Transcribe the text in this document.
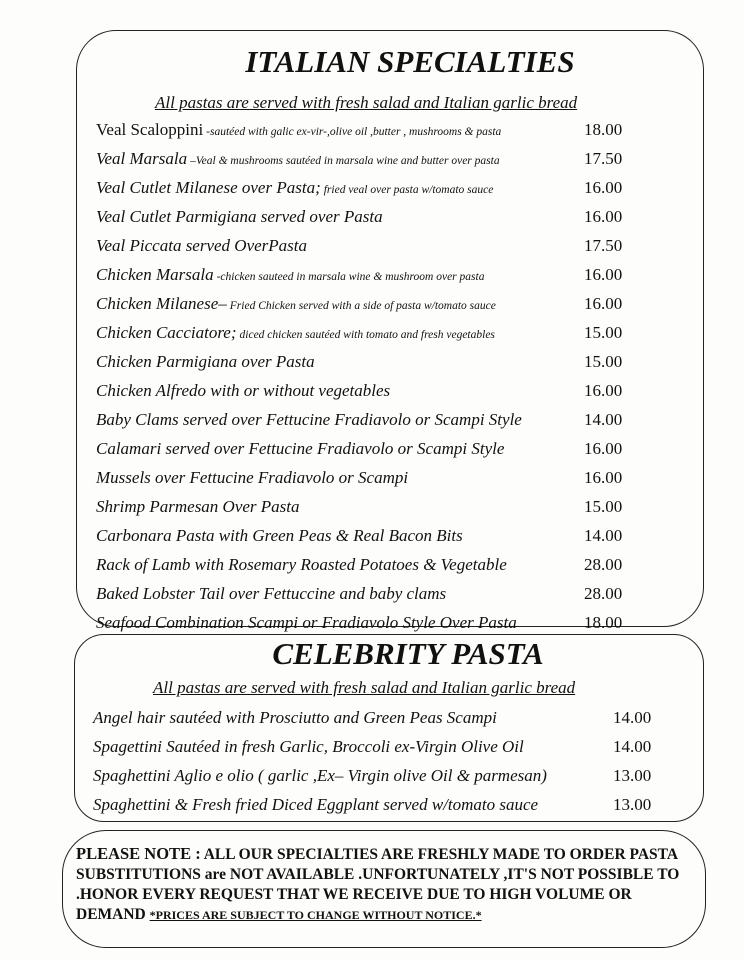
ITALIAN SPECIALTIES
All pastas are served with fresh salad and Italian garlic bread
Veal Scaloppini -sautéed with galic ex-vir-,olive oil ,butter , mushrooms & pasta	18.00
Veal Marsala –Veal & mushrooms sautéed in marsala wine and butter over pasta	17.50
Veal Cutlet Milanese over Pasta; fried veal over pasta w/tomato sauce	16.00
Veal Cutlet Parmigiana served over Pasta	16.00
Veal Piccata served OverPasta	17.50
Chicken Marsala -chicken sauteed in marsala wine & mushroom over pasta	16.00
Chicken Milanese– Fried Chicken served with a side of pasta w/tomato sauce	16.00
Chicken Cacciatore; diced chicken sautéed with tomato and fresh vegetables	15.00
Chicken Parmigiana over Pasta	15.00
Chicken Alfredo with or without vegetables	16.00
Baby Clams served over Fettucine Fradiavolo or Scampi Style	14.00
Calamari served over Fettucine Fradiavolo or Scampi Style	16.00
Mussels over Fettucine Fradiavolo or Scampi	16.00
Shrimp Parmesan Over Pasta	15.00
Carbonara Pasta with Green Peas & Real Bacon Bits	14.00
Rack of Lamb with Rosemary Roasted Potatoes & Vegetable	28.00
Baked Lobster Tail over Fettuccine and baby clams	28.00
Seafood Combination Scampi or Fradiavolo Style Over Pasta	18.00
CELEBRITY PASTA
All pastas are served with fresh salad and Italian garlic bread
Angel hair sautéed with Prosciutto and Green Peas Scampi	14.00
Spagettini Sautéed in fresh Garlic, Broccoli ex-Virgin Olive Oil	14.00
Spaghettini Aglio e olio ( garlic ,Ex– Virgin olive Oil & parmesan)	13.00
Spaghettini & Fresh fried Diced Eggplant served w/tomato sauce	13.00

PLEASE NOTE : ALL OUR SPECIALTIES ARE FRESHLY MADE TO ORDER PASTA SUBSTITUTIONS are NOT AVAILABLE .UNFORTUNATELY ,IT'S NOT POSSIBLE TO .HONOR EVERY REQUEST THAT WE RECEIVE DUE TO HIGH VOLUME OR DEMAND *PRICES ARE SUBJECT TO CHANGE WITHOUT NOTICE.*
